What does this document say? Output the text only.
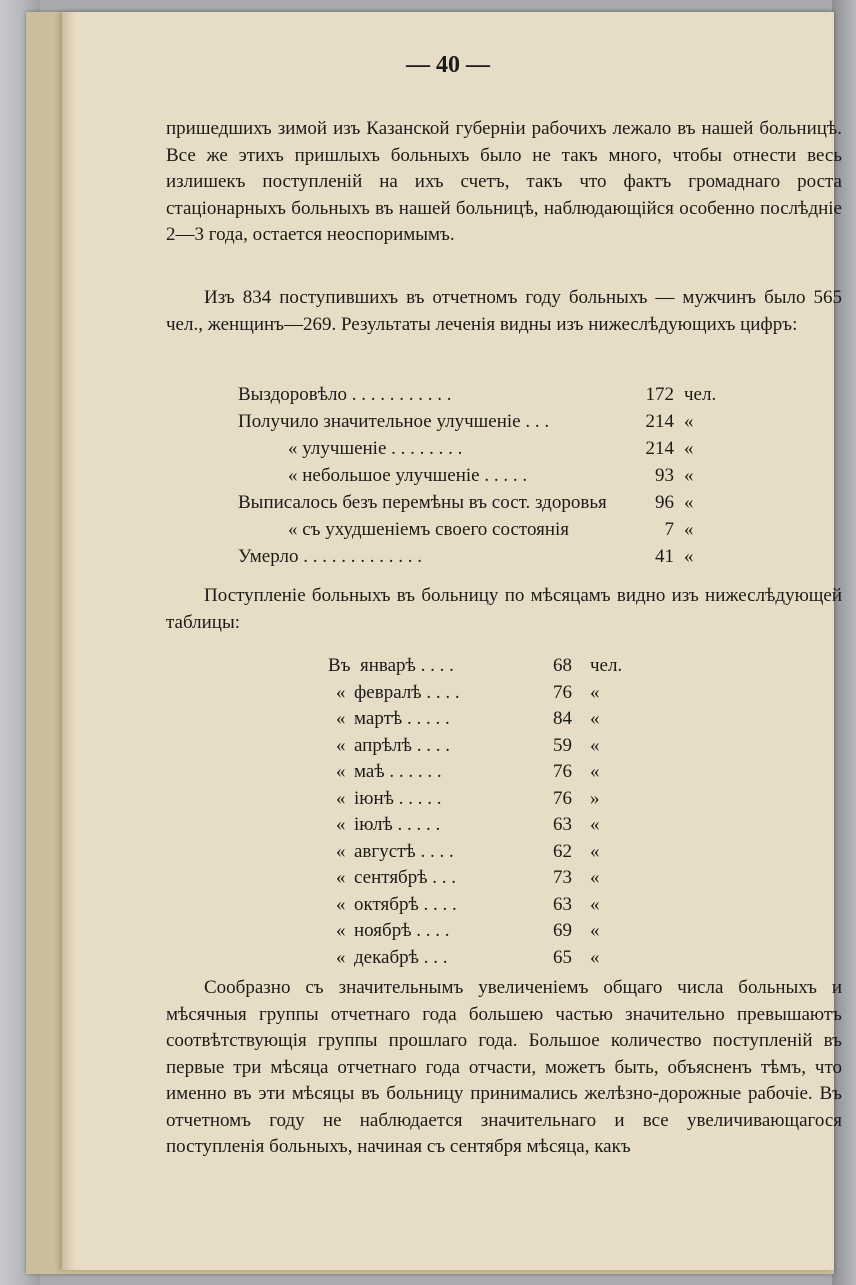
— 40 —

пришедшихъ зимой изъ Казанской губерніи рабочихъ лежало въ нашей больницѣ. Все же этихъ пришлыхъ больныхъ было не такъ много, чтобы отнести весь излишекъ поступленій на ихъ счетъ, такъ что фактъ громаднаго роста стаціонарныхъ больныхъ въ нашей больницѣ, наблюдающійся особенно послѣдніе 2—3 года, остается неоспоримымъ.

Изъ 834 поступившихъ въ отчетномъ году больныхъ — мужчинъ было 565 чел., женщинъ—269. Результаты леченія видны изъ нижеслѣдующихъ цифръ:

Выздоровѣло . . . . . . . . . . .	172 чел.
Получило значительное улучшеніе . . .	214 «
« улучшеніе . . . . . . . .	214 «
« небольшое улучшеніе . . . . .	93 «
Выписалось безъ перемѣны въ сост. здоровья	96 «
« съ ухудшеніемъ своего состоянія	7 «
Умерло . . . . . . . . . . . . .	41 «

Поступленіе больныхъ въ больницу по мѣсяцамъ видно изъ нижеслѣдующей таблицы:

Въ январѣ . . . .	68 чел.
« февралѣ . . . .	76 «
« мартѣ . . . . .	84 «
« апрѣлѣ . . . .	59 «
« маѣ . . . . . .	76 «
« іюнѣ . . . . .	76 »
« іюлѣ . . . . .	63 «
« августѣ . . . .	62 «
« сентябрѣ . . .	73 «
« октябрѣ . . . .	63 «
« ноябрѣ . . . .	69 «
« декабрѣ . . .	65 «

Сообразно съ значительнымъ увеличеніемъ общаго числа больныхъ и мѣсячныя группы отчетнаго года большею частью значительно превышаютъ соотвѣтствующія группы прошлаго года. Большое количество поступленій въ первые три мѣсяца отчетнаго года отчасти, можетъ быть, объясненъ тѣмъ, что именно въ эти мѣсяцы въ больницу принимались желѣзно-дорожные рабочіе. Въ отчетномъ году не наблюдается значительнаго и все увеличивающагося поступленія больныхъ, начиная съ сентября мѣсяца, какъ
